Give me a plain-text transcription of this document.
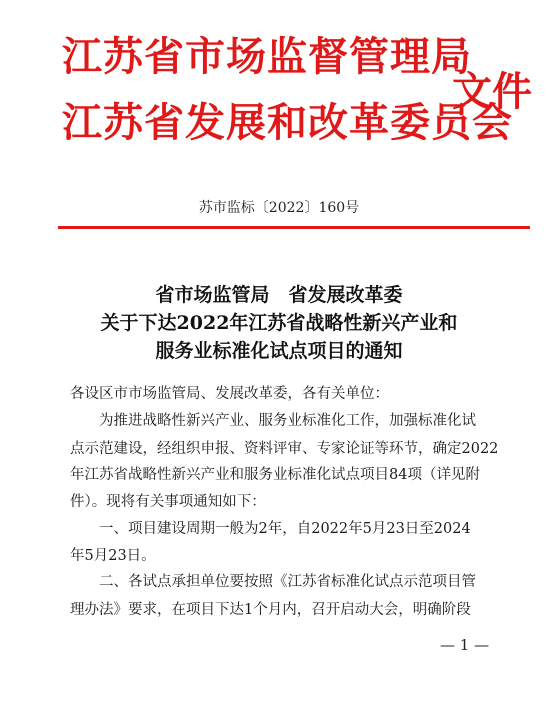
江苏省市场监督管理局
江苏省发展和改革委员会
文件
苏市监标〔2022〕160号
省市场监管局　省发展改革委
关于下达2022年江苏省战略性新兴产业和
服务业标准化试点项目的通知
各设区市市场监管局、发展改革委，各有关单位：
　　为推进战略性新兴产业、服务业标准化工作，加强标准化试
点示范建设，经组织申报、资料评审、专家论证等环节，确定2022
年江苏省战略性新兴产业和服务业标准化试点项目84项（详见附
件）。现将有关事项通知如下：
　　一、项目建设周期一般为2年，自2022年5月23日至2024
年5月23日。
　　二、各试点承担单位要按照《江苏省标准化试点示范项目管
理办法》要求，在项目下达1个月内，召开启动大会，明确阶段
— 1 —
